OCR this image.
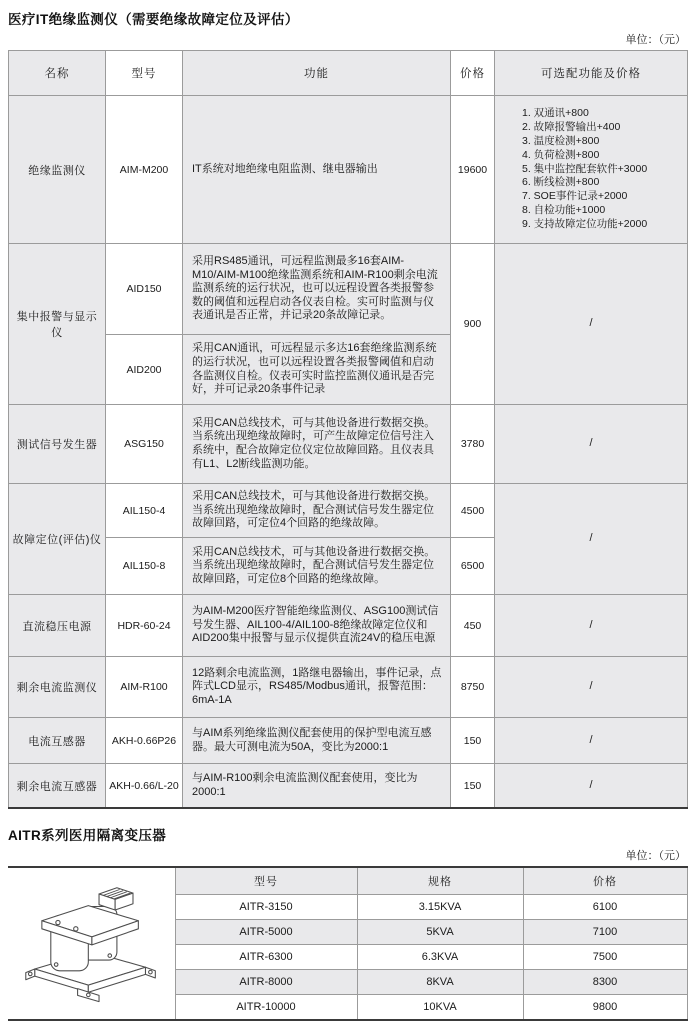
医疗IT绝缘监测仪（需要绝缘故障定位及评估）
单位：（元）
名称	型号	功能	价格	可选配功能及价格
绝缘监测仪	AIM-M200	IT系统对地绝缘电阻监测、继电器输出	19600	
1. 双通讯+800
2. 故障报警输出+400
3. 温度检测+800
4. 负荷检测+800
5. 集中监控配套软件+3000
6. 断线检测+800
7. SOE事件记录+2000
8. 自检功能+1000
9. 支持故障定位功能+2000

集中报警与显示仪	AID150	采用RS485通讯，可远程监测最多16套AIM-M10/AIM-M100绝缘监测系统和AIM-R100剩余电流监测系统的运行状况，也可以远程设置各类报警参数的阈值和远程启动各仪表自检。实可时监测与仪表通讯是否正常，并记录20条故障记录。	900	/
	AID200	采用CAN通讯，可远程显示多达16套绝缘监测系统的运行状况，也可以远程设置各类报警阈值和启动各监测仪自检。仪表可实时监控监测仪通讯是否完好，并可记录20条事件记录		
测试信号发生器	ASG150	采用CAN总线技术，可与其他设备进行数据交换。当系统出现绝缘故障时，可产生故障定位信号注入系统中，配合故障定位仪定位故障回路。且仪表具有L1、L2断线监测功能。	3780	/
故障定位(评估)仪	AIL150-4	采用CAN总线技术，可与其他设备进行数据交换。当系统出现绝缘故障时，配合测试信号发生器定位故障回路，可定位4个回路的绝缘故障。	4500	/
	AIL150-8	采用CAN总线技术，可与其他设备进行数据交换。当系统出现绝缘故障时，配合测试信号发生器定位故障回路，可定位8个回路的绝缘故障。	6500	
直流稳压电源	HDR-60-24	为AIM-M200医疗智能绝缘监测仪、ASG100测试信号发生器、AIL100-4/AIL100-8绝缘故障定位仪和AID200集中报警与显示仪提供直流24V的稳压电源	450	/
剩余电流监测仪	AIM-R100	12路剩余电流监测，1路继电器输出，事件记录，点阵式LCD显示，RS485/Modbus通讯，报警范围：6mA-1A	8750	/
电流互感器	AKH-0.66P26	与AIM系列绝缘监测仪配套使用的保护型电流互感器。最大可测电流为50A，变比为2000:1	150	/
剩余电流互感器	AKH-0.66/L-20	与AIM-R100剩余电流监测仪配套使用，变比为2000:1	150	/
AITR系列医用隔离变压器
单位：（元）
	型号	规格	价格
	AITR-3150	3.15KVA	6100
	AITR-5000	5KVA	7100
	AITR-6300	6.3KVA	7500
	AITR-8000	8KVA	8300
	AITR-10000	10KVA	9800
